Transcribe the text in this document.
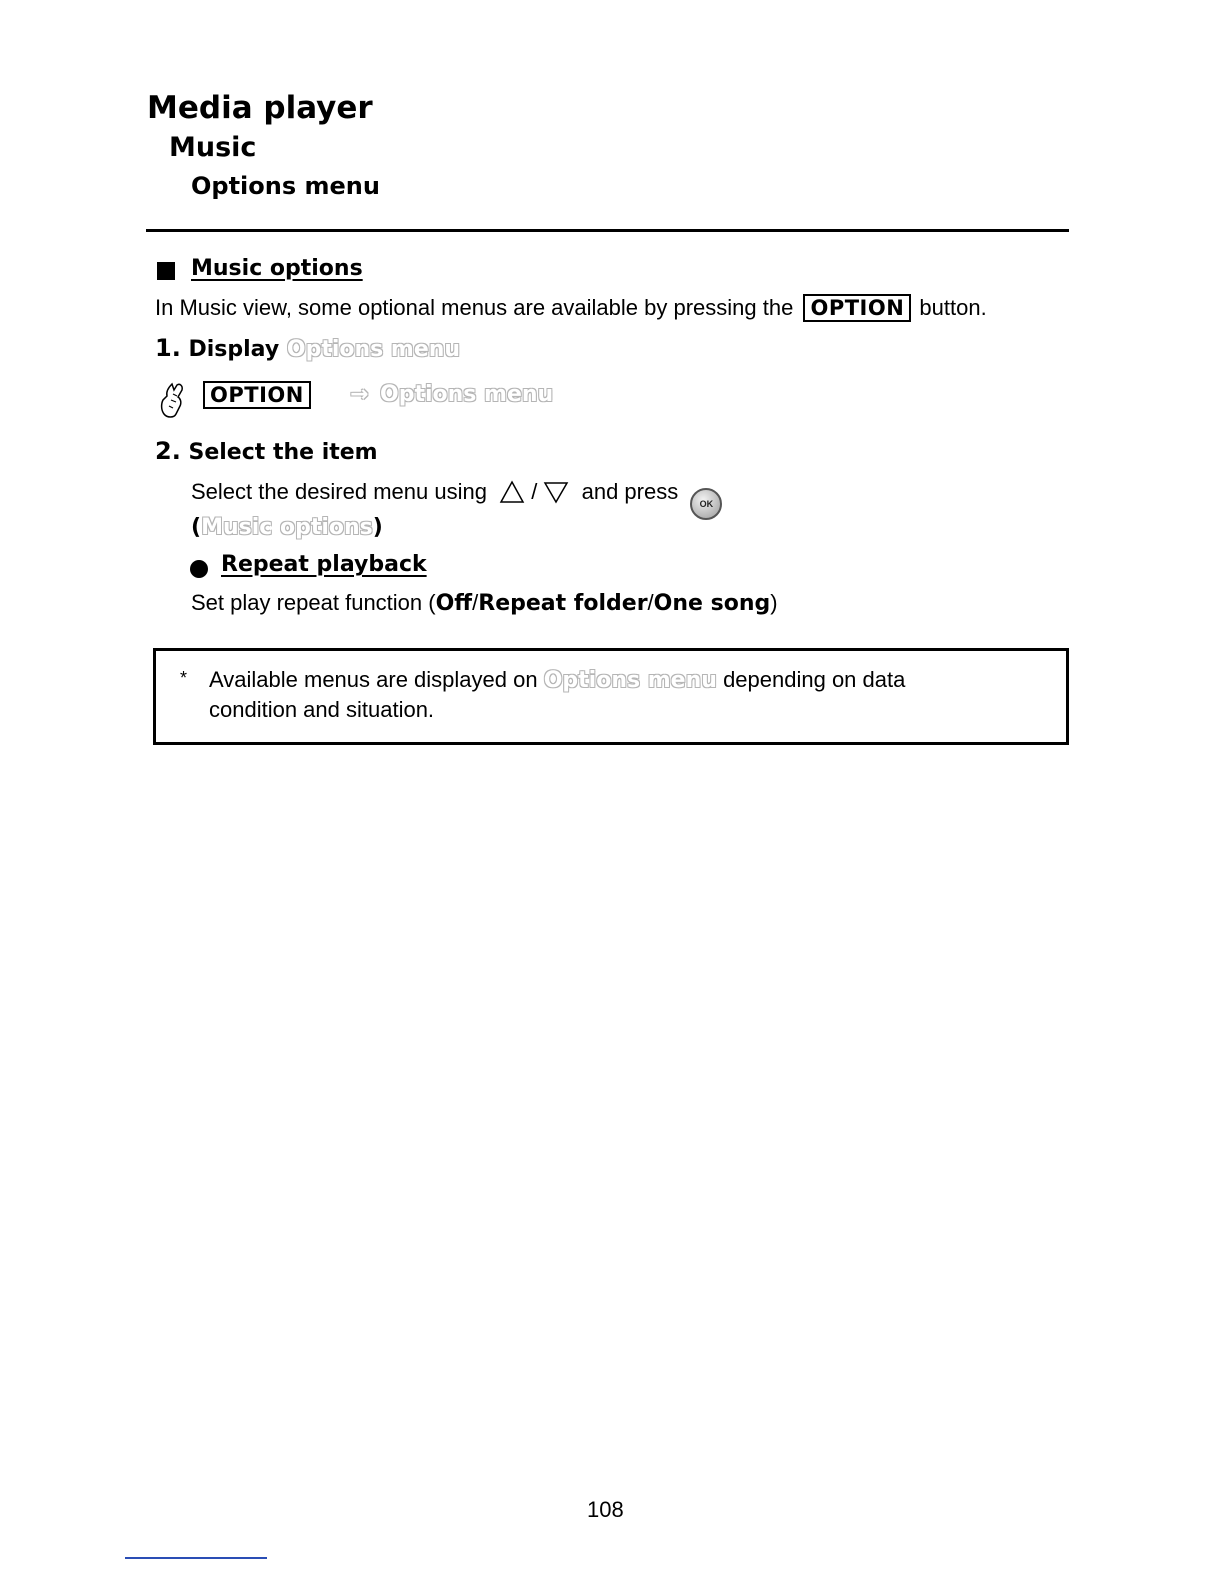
Media player
Music
Options menu
Music options
In Music view, some optional menus are available by pressing the OPTION button.
1. Display Options menu
OPTION	→ Options menu
2. Select the item
Select the desired menu using / and press OK
(Music options)
Repeat playback
Set play repeat function (Off/Repeat folder/One song)
* Available menus are displayed on Options menu depending on data
condition and situation.
108
